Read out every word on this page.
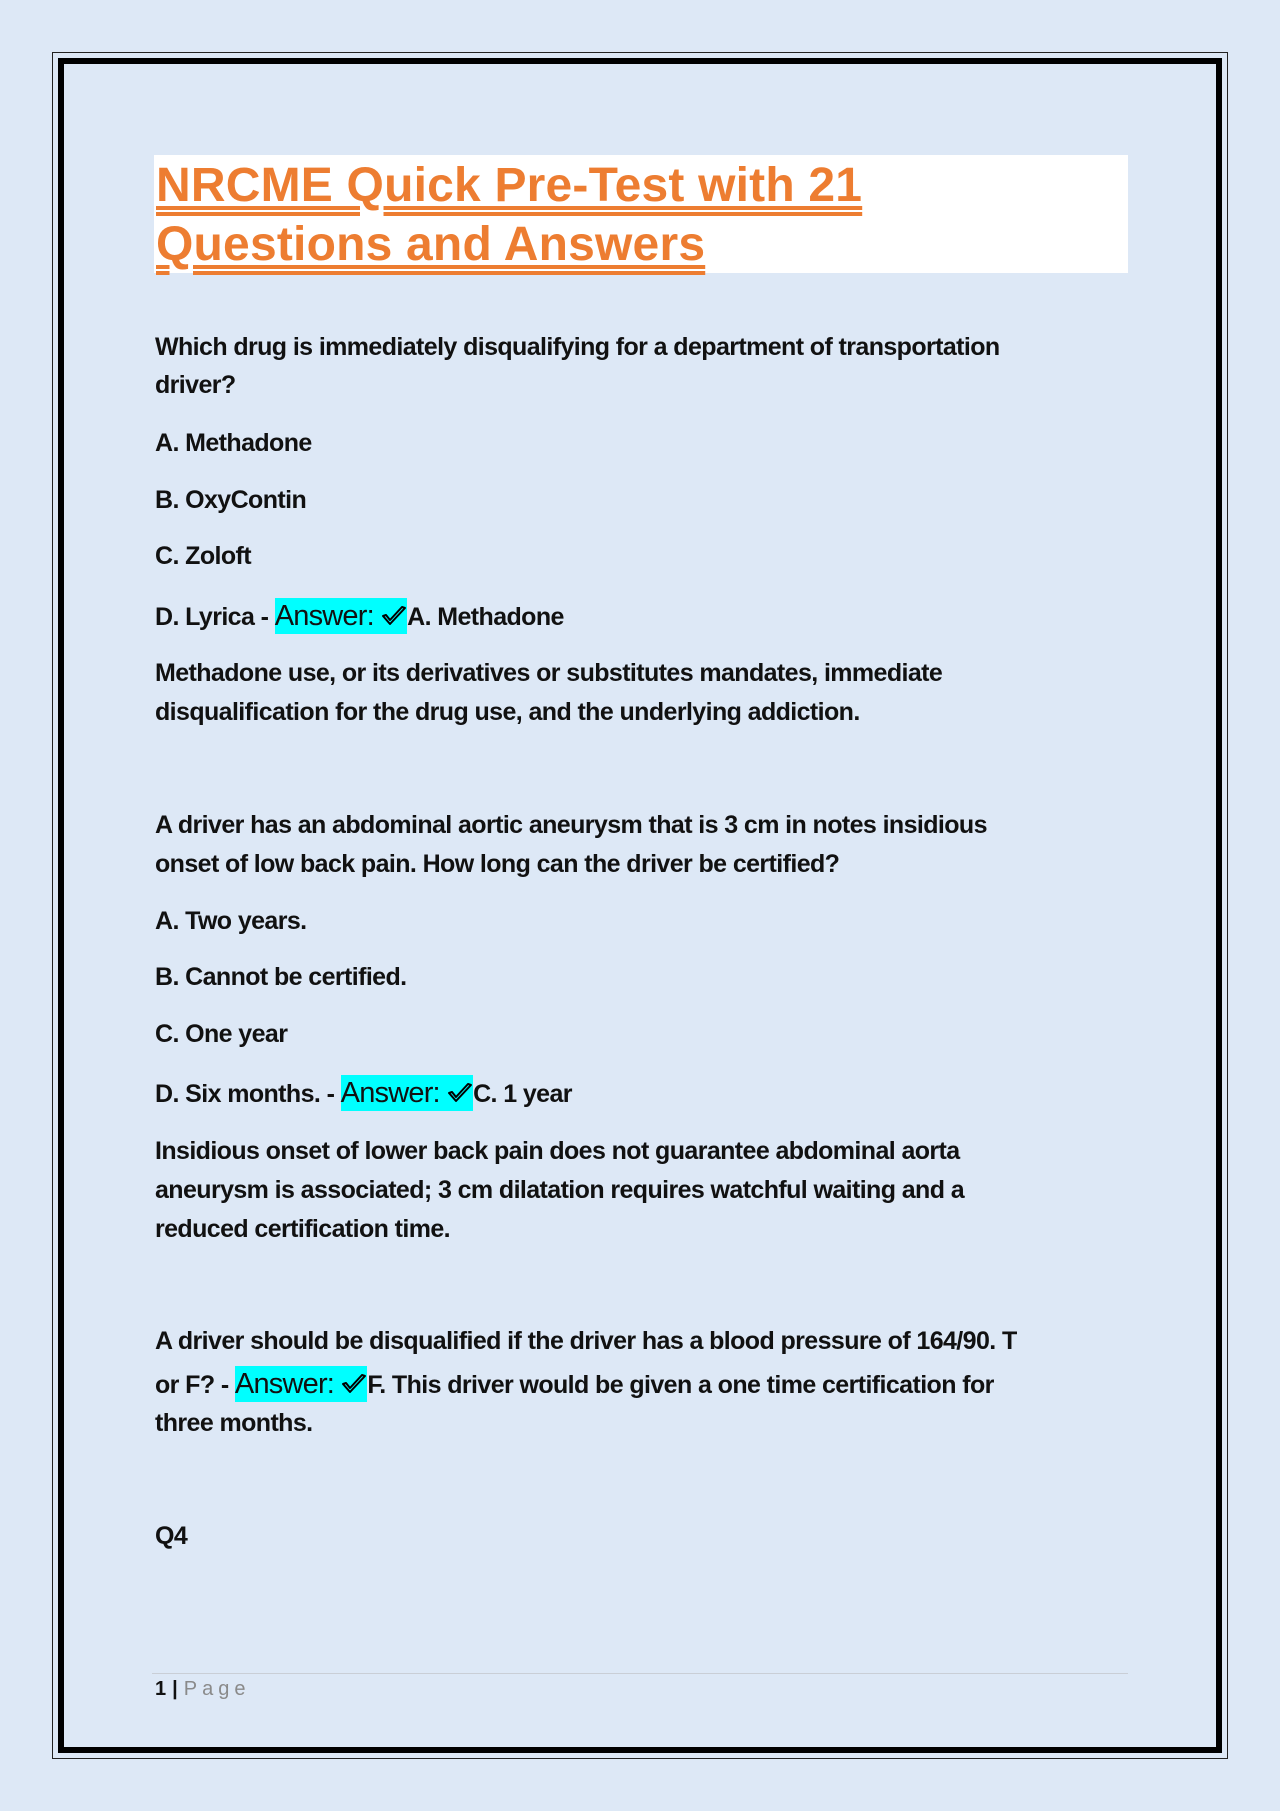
NRCME Quick Pre-Test with 21
Questions and Answers
Which drug is immediately disqualifying for a department of transportation
driver?
A. Methadone
B. OxyContin
C. Zoloft
D. Lyrica - Answer: A. Methadone
Methadone use, or its derivatives or substitutes mandates, immediate
disqualification for the drug use, and the underlying addiction.
A driver has an abdominal aortic aneurysm that is 3 cm in notes insidious
onset of low back pain. How long can the driver be certified?
A. Two years.
B. Cannot be certified.
C. One year
D. Six months. - Answer: C. 1 year
Insidious onset of lower back pain does not guarantee abdominal aorta
aneurysm is associated; 3 cm dilatation requires watchful waiting and a
reduced certification time.
A driver should be disqualified if the driver has a blood pressure of 164/90. T
or F? - Answer: F. This driver would be given a one time certification for
three months.
Q4
1 | Page
